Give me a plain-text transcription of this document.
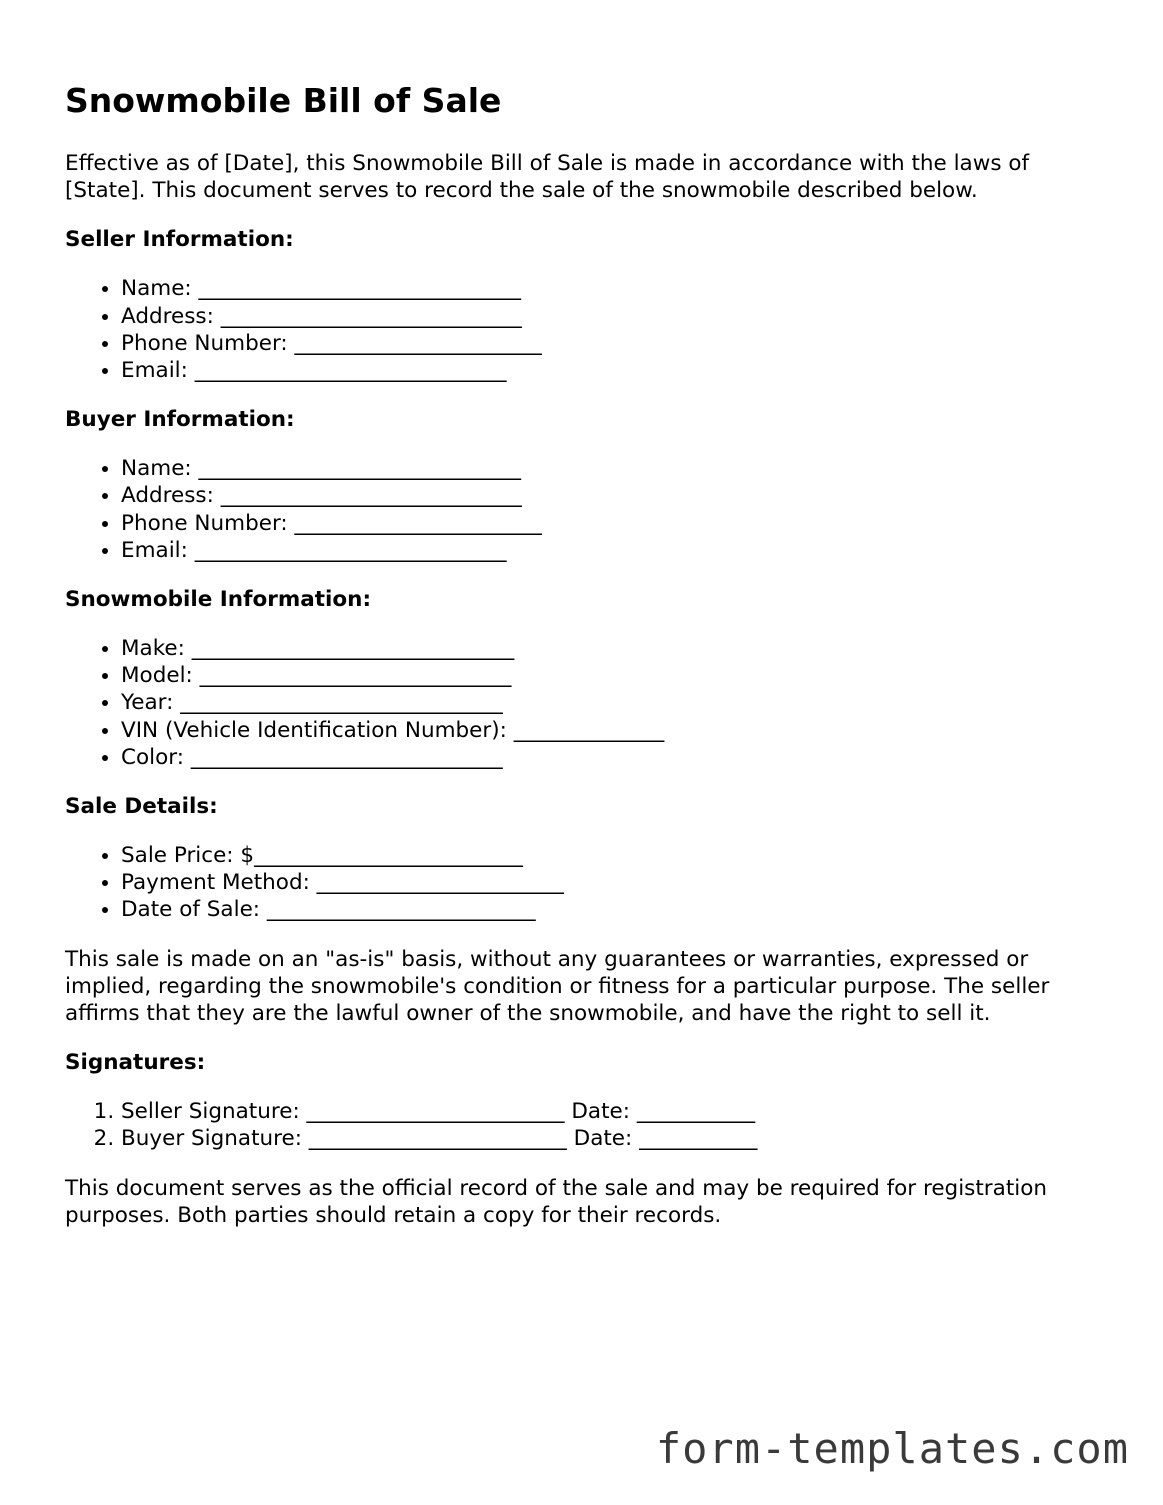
Snowmobile Bill of Sale

Effective as of [Date], this Snowmobile Bill of Sale is made in accordance with the laws of [State]. This document serves to record the sale of the snowmobile described below.

Seller Information:
• Name: ______________________________
• Address: ____________________________
• Phone Number: _______________________
• Email: _____________________________
Buyer Information:
• Name: ______________________________
• Address: ____________________________
• Phone Number: _______________________
• Email: _____________________________
Snowmobile Information:
• Make: ______________________________
• Model: _____________________________
• Year: ______________________________
• VIN (Vehicle Identification Number): ______________
• Color: _____________________________
Sale Details:
• Sale Price: $_________________________
• Payment Method: _______________________
• Date of Sale: _________________________

This sale is made on an "as-is" basis, without any guarantees or warranties, expressed or implied, regarding the snowmobile's condition or fitness for a particular purpose. The seller affirms that they are the lawful owner of the snowmobile, and have the right to sell it.

Signatures:
1. Seller Signature: ________________________ Date: ___________
2. Buyer Signature: ________________________ Date: ___________

This document serves as the official record of the sale and may be required for registration purposes. Both parties should retain a copy for their records.

form-templates.com
